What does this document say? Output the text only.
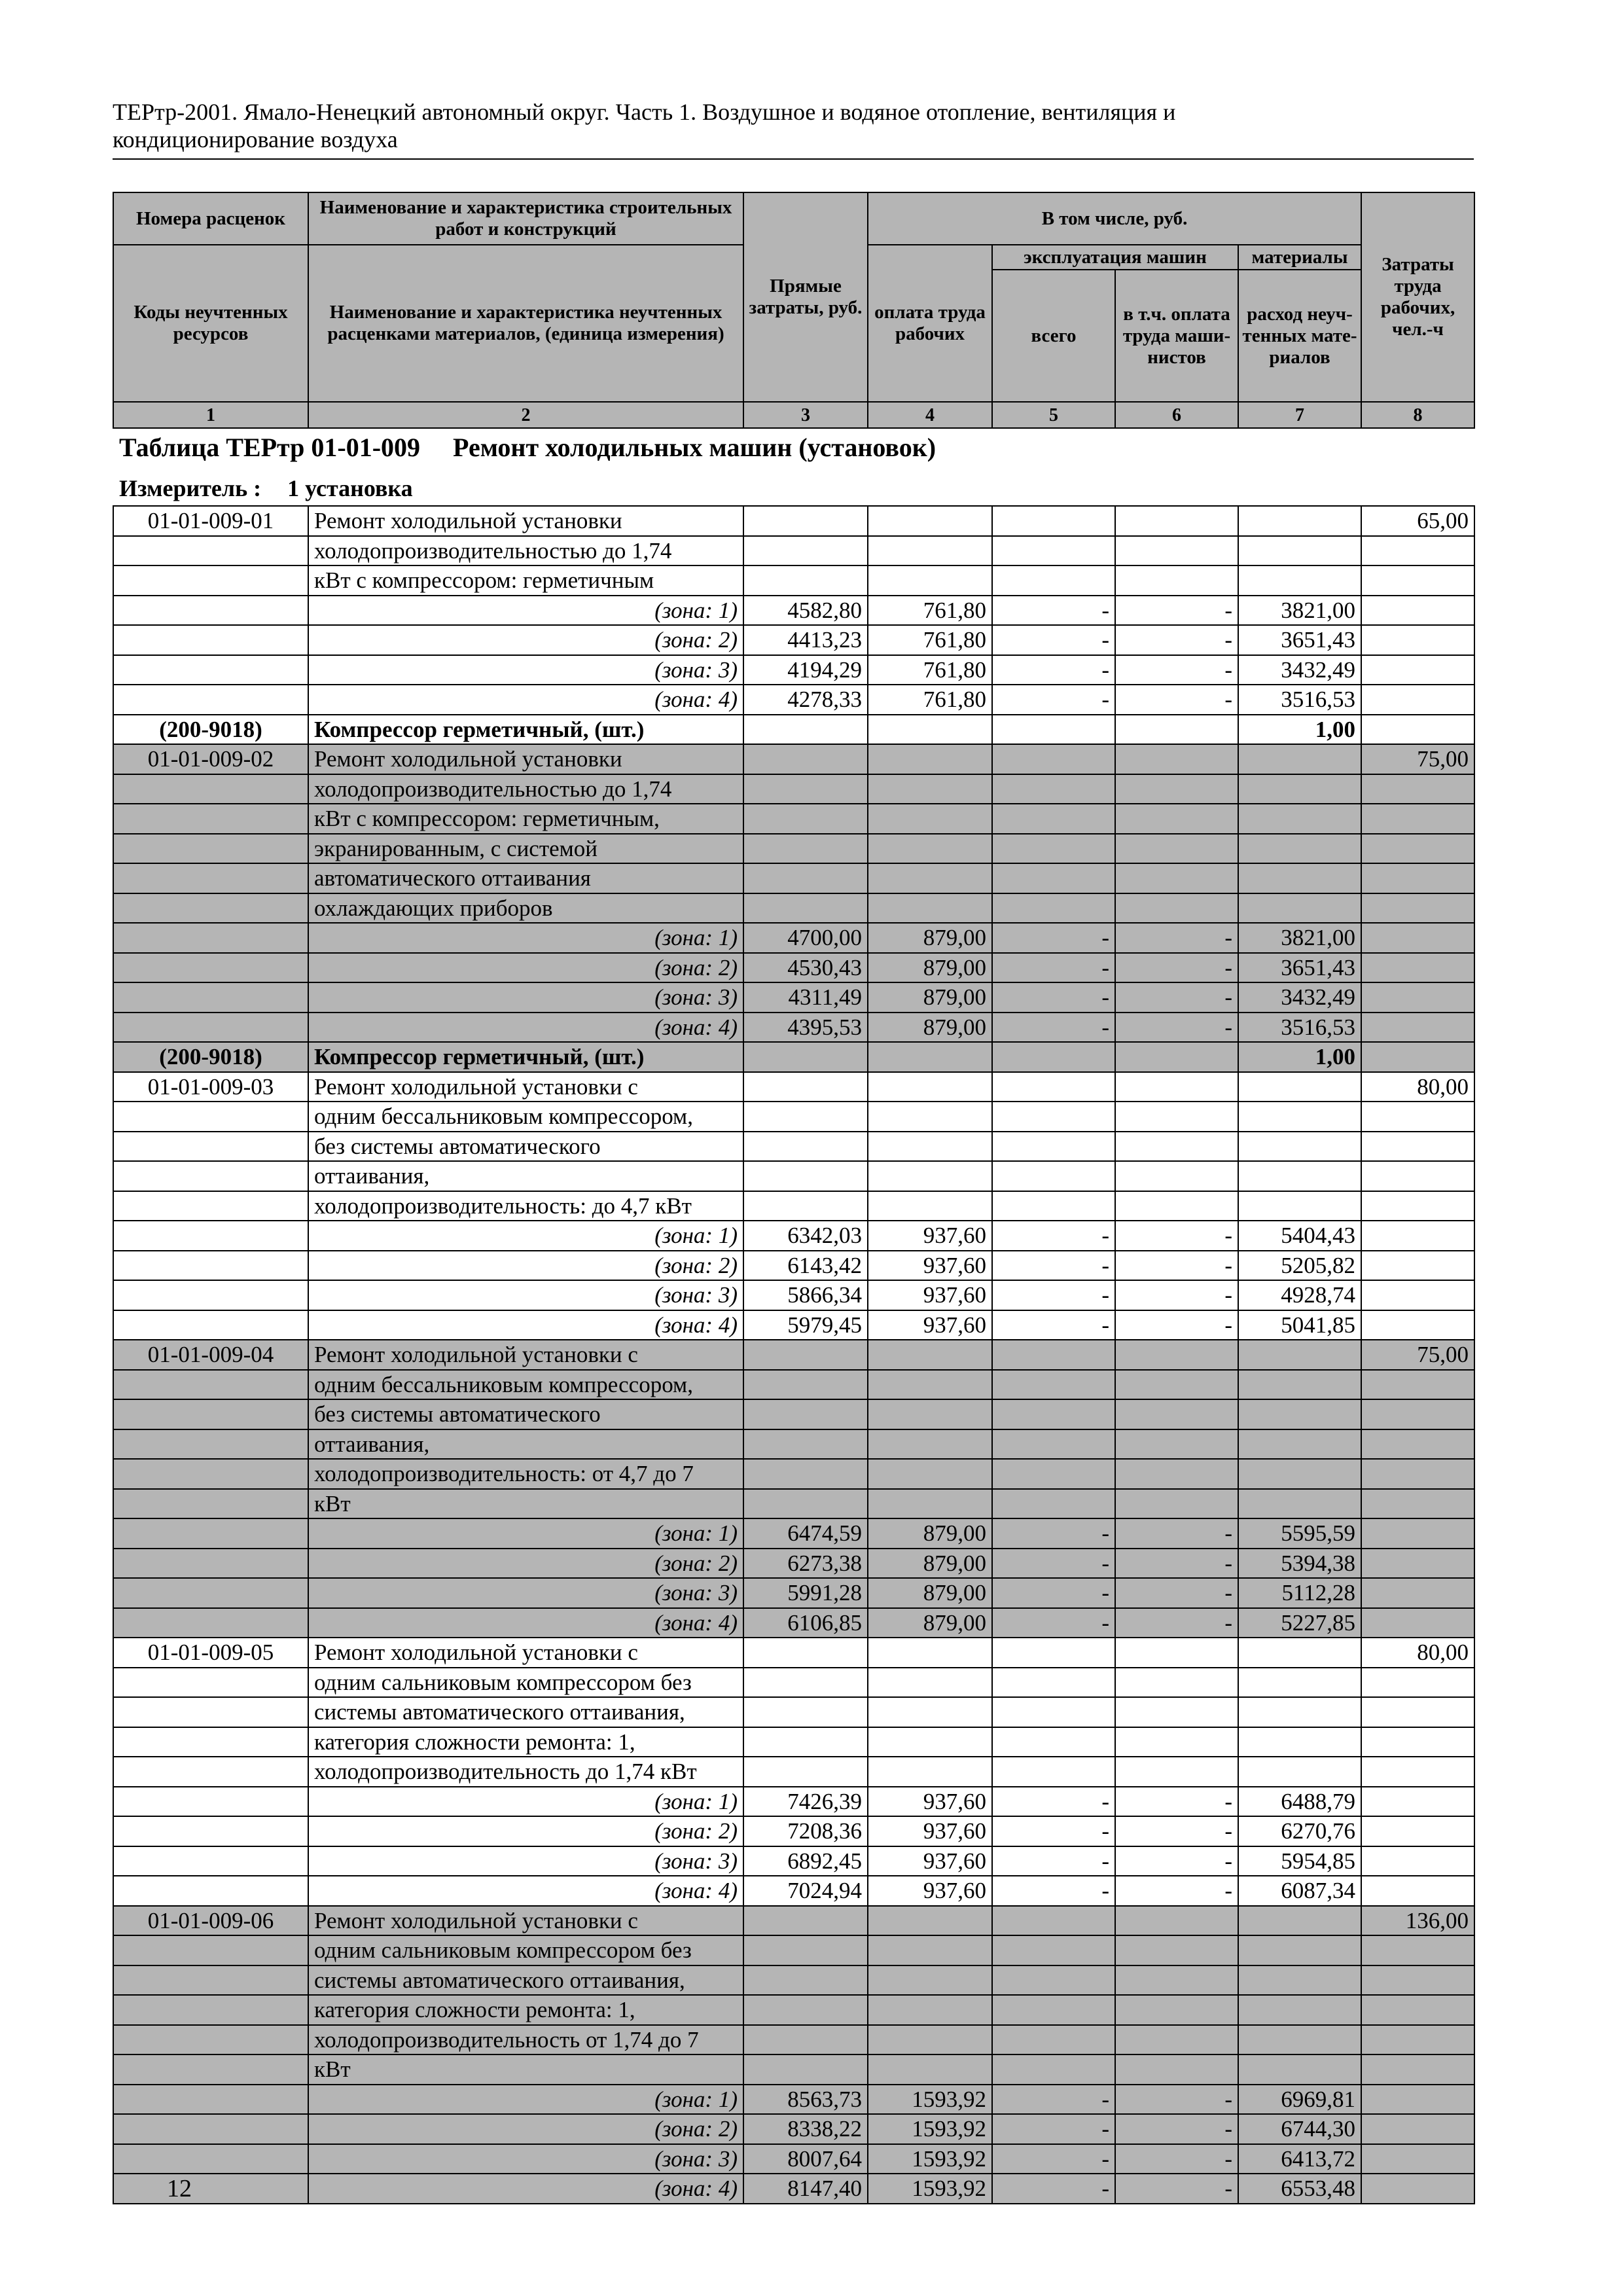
ТЕРтр-2001. Ямало-Ненецкий автономный округ. Часть 1. Воздушное и водяное отопление, вентиляция и
кондиционирование воздуха
Номера расценок	Наименование и характеристика строительных работ и конструкций	Прямые затраты, руб.	В том числе, руб.				Затраты труда рабочих, чел.-ч
Коды неучтенных ресурсов	Наименование и характеристика неучтенных расценками материалов, (единица измерения)		оплата труда рабочих	эксплуатация машин		материалы	
				всего	в т.ч. оплата труда маши-нистов	расход неуч-тенных мате-риалов	

1	2	3	4	5	6	7	8
Таблица ТЕРтр 01-01-009 Ремонт холодильных машин (установок)
Измеритель : 1 установка
01-01-009-01	Ремонт холодильной установки						65,00
	холодопроизводительностью до 1,74						
	кВт с компрессором: герметичным						
	(зона: 1)	4582,80	761,80	-	-	3821,00	
	(зона: 2)	4413,23	761,80	-	-	3651,43	
	(зона: 3)	4194,29	761,80	-	-	3432,49	
	(зона: 4)	4278,33	761,80	-	-	3516,53	
(200-9018)	Компрессор герметичный, (шт.)					1,00	
01-01-009-02	Ремонт холодильной установки						75,00
	холодопроизводительностью до 1,74						
	кВт с компрессором: герметичным,						
	экранированным, с системой						
	автоматического оттаивания						
	охлаждающих приборов						
	(зона: 1)	4700,00	879,00	-	-	3821,00	
	(зона: 2)	4530,43	879,00	-	-	3651,43	
	(зона: 3)	4311,49	879,00	-	-	3432,49	
	(зона: 4)	4395,53	879,00	-	-	3516,53	
(200-9018)	Компрессор герметичный, (шт.)					1,00	
01-01-009-03	Ремонт холодильной установки с						80,00
	одним бессальниковым компрессором,						
	без системы автоматического						
	оттаивания,						
	холодопроизводительность: до 4,7 кВт						
	(зона: 1)	6342,03	937,60	-	-	5404,43	
	(зона: 2)	6143,42	937,60	-	-	5205,82	
	(зона: 3)	5866,34	937,60	-	-	4928,74	
	(зона: 4)	5979,45	937,60	-	-	5041,85	
01-01-009-04	Ремонт холодильной установки с						75,00
	одним бессальниковым компрессором,						
	без системы автоматического						
	оттаивания,						
	холодопроизводительность: от 4,7 до 7						
	кВт						
	(зона: 1)	6474,59	879,00	-	-	5595,59	
	(зона: 2)	6273,38	879,00	-	-	5394,38	
	(зона: 3)	5991,28	879,00	-	-	5112,28	
	(зона: 4)	6106,85	879,00	-	-	5227,85	
01-01-009-05	Ремонт холодильной установки с						80,00
	одним сальниковым компрессором без						
	системы автоматического оттаивания,						
	категория сложности ремонта: 1,						
	холодопроизводительность до 1,74 кВт						
	(зона: 1)	7426,39	937,60	-	-	6488,79	
	(зона: 2)	7208,36	937,60	-	-	6270,76	
	(зона: 3)	6892,45	937,60	-	-	5954,85	
	(зона: 4)	7024,94	937,60	-	-	6087,34	
01-01-009-06	Ремонт холодильной установки с						136,00
	одним сальниковым компрессором без						
	системы автоматического оттаивания,						
	категория сложности ремонта: 1,						
	холодопроизводительность от 1,74 до 7						
	кВт						
	(зона: 1)	8563,73	1593,92	-	-	6969,81	
	(зона: 2)	8338,22	1593,92	-	-	6744,30	
	(зона: 3)	8007,64	1593,92	-	-	6413,72	
	(зона: 4)	8147,40	1593,92	-	-	6553,48	
12
